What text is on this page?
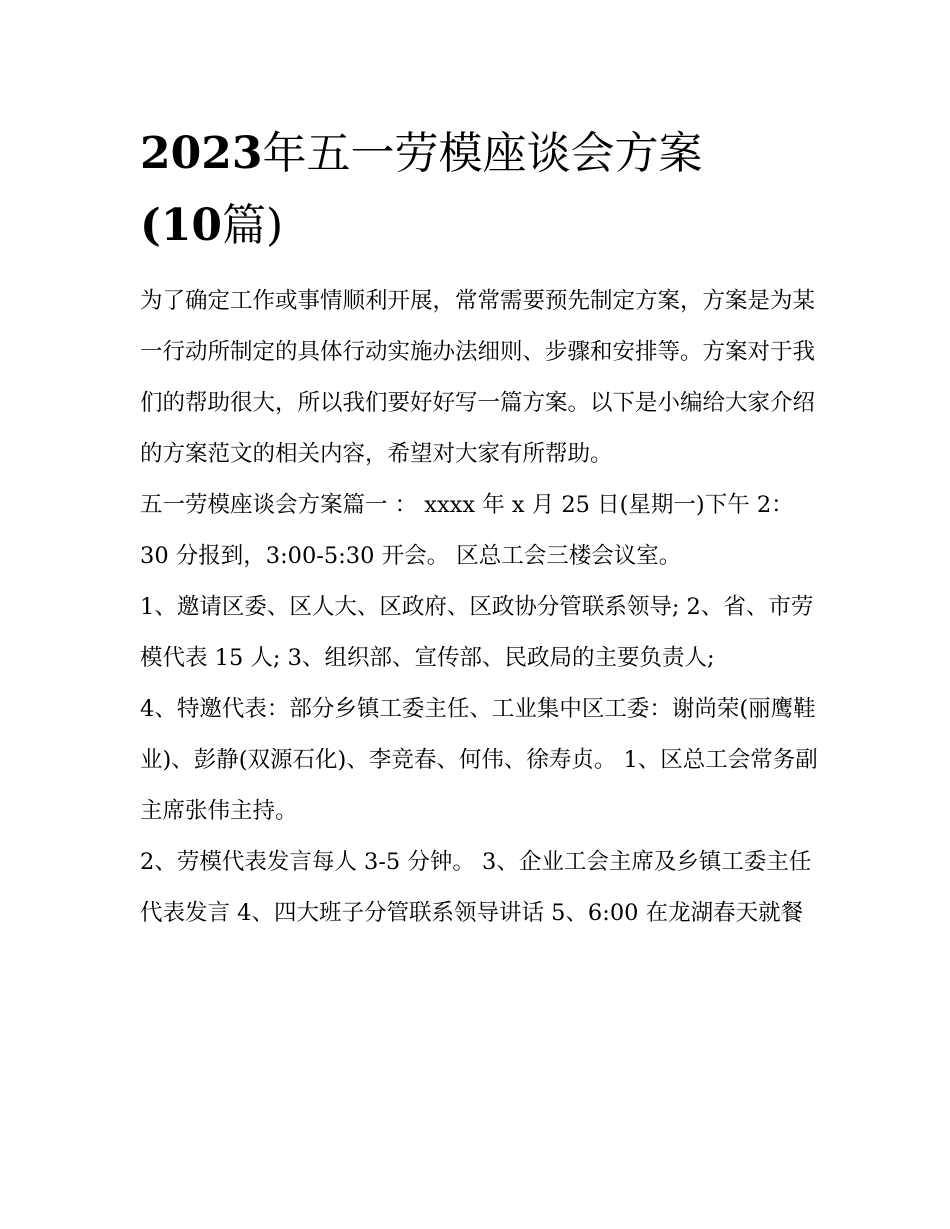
2023年五一劳模座谈会方案
(10篇)

为了确定工作或事情顺利开展，常常需要预先制定方案，方案是为某一行动所制定的具体行动实施办法细则、步骤和安排等。方案对于我们的帮助很大，所以我们要好好写一篇方案。以下是小编给大家介绍的方案范文的相关内容，希望对大家有所帮助。

五一劳模座谈会方案篇一 ： xxxx 年 x 月 25 日(星期一)下午 2：30 分报到，3:00-5:30 开会。 区总工会三楼会议室。

1、邀请区委、区人大、区政府、区政协分管联系领导; 2、省、市劳模代表 15 人; 3、组织部、宣传部、民政局的主要负责人;

4、特邀代表：部分乡镇工委主任、工业集中区工委：谢尚荣(丽鹰鞋业)、彭静(双源石化)、李竞春、何伟、徐寿贞。 1、区总工会常务副主席张伟主持。

2、劳模代表发言每人 3-5 分钟。 3、企业工会主席及乡镇工委主任代表发言 4、四大班子分管联系领导讲话 5、6:00 在龙湖春天就餐
